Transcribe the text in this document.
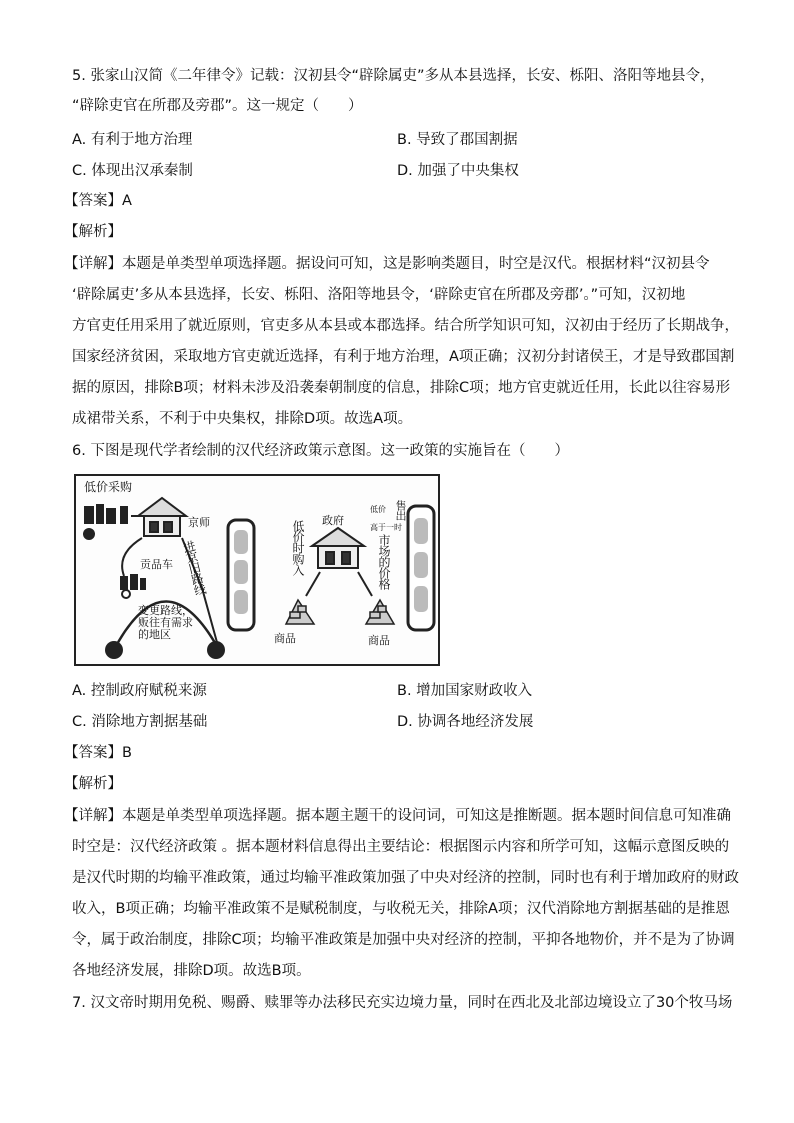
5. 张家山汉简《二年律令》记载：汉初县令“辟除属吏”多从本县选择，长安、栎阳、洛阳等地县令，
“辟除吏官在所郡及旁郡”。这一规定（　　）
A. 有利于地方治理	B. 导致了郡国割据
C. 体现出汉承秦制	D. 加强了中央集权
【答案】A
【解析】
【详解】本题是单类型单项选择题。据设问可知，这是影响类题目，时空是汉代。根据材料“汉初县令
‘辟除属吏’多从本县选择，长安、栎阳、洛阳等地县令，‘辟除吏官在所郡及旁郡’。”可知，汉初地
方官吏任用采用了就近原则，官吏多从本县或本郡选择。结合所学知识可知，汉初由于经历了长期战争，
国家经济贫困，采取地方官吏就近选择，有利于地方治理，A项正确；汉初分封诸侯王，才是导致郡国割
据的原因，排除B项；材料未涉及沿袭秦朝制度的信息，排除C项；地方官吏就近任用，长此以往容易形
成裙带关系，不利于中央集权，排除D项。故选A项。
6. 下图是现代学者绘制的汉代经济政策示意图。这一政策的实施旨在（　　）
低价采购
京师
贡品车 进京旧路线
变更路线，
贩往有需求
的地区
政府
低价时购入
售出
低价
高于一时
市场的价格
商品	商品
A. 控制政府赋税来源	B. 增加国家财政收入
C. 消除地方割据基础	D. 协调各地经济发展
【答案】B
【解析】
【详解】本题是单类型单项选择题。据本题主题干的设问词，可知这是推断题。据本题时间信息可知准确
时空是：汉代经济政策 。据本题材料信息得出主要结论：根据图示内容和所学可知，这幅示意图反映的
是汉代时期的均输平准政策，通过均输平准政策加强了中央对经济的控制，同时也有利于增加政府的财政
收入，B项正确；均输平准政策不是赋税制度，与收税无关，排除A项；汉代消除地方割据基础的是推恩
令，属于政治制度，排除C项；均输平准政策是加强中央对经济的控制，平抑各地物价，并不是为了协调
各地经济发展，排除D项。故选B项。
7. 汉文帝时期用免税、赐爵、赎罪等办法移民充实边境力量，同时在西北及北部边境设立了30个牧马场
